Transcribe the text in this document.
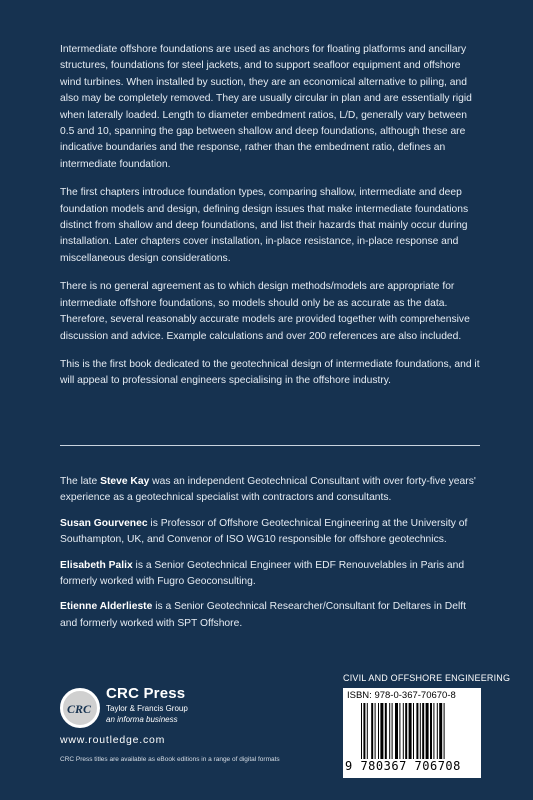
Intermediate offshore foundations are used as anchors for floating platforms and ancillary structures, foundations for steel jackets, and to support seafloor equipment and offshore wind turbines. When installed by suction, they are an economical alternative to piling, and also may be completely removed. They are usually circular in plan and are essentially rigid when laterally loaded. Length to diameter embedment ratios, L/D, generally vary between 0.5 and 10, spanning the gap between shallow and deep foundations, although these are indicative boundaries and the response, rather than the embedment ratio, defines an intermediate foundation.

The first chapters introduce foundation types, comparing shallow, intermediate and deep foundation models and design, defining design issues that make intermediate foundations distinct from shallow and deep foundations, and list their hazards that mainly occur during installation. Later chapters cover installation, in-place resistance, in-place response and miscellaneous design considerations.

There is no general agreement as to which design methods/models are appropriate for intermediate offshore foundations, so models should only be as accurate as the data. Therefore, several reasonably accurate models are provided together with comprehensive discussion and advice. Example calculations and over 200 references are also included.

This is the first book dedicated to the geotechnical design of intermediate foundations, and it will appeal to professional engineers specialising in the offshore industry.

The late Steve Kay was an independent Geotechnical Consultant with over forty-five years' experience as a geotechnical specialist with contractors and consultants.

Susan Gourvenec is Professor of Offshore Geotechnical Engineering at the University of Southampton, UK, and Convenor of ISO WG10 responsible for offshore geotechnics.

Elisabeth Palix is a Senior Geotechnical Engineer with EDF Renouvelables in Paris and formerly worked with Fugro Geoconsulting.

Etienne Alderlieste is a Senior Geotechnical Researcher/Consultant for Deltares in Delft and formerly worked with SPT Offshore.

CRC
CRC Press
Taylor & Francis Group
an informa business
www.routledge.com
CRC Press titles are available as eBook editions in a range of digital formats
CIVIL AND OFFSHORE ENGINEERING
ISBN: 978-0-367-70670-8
9 780367 706708
